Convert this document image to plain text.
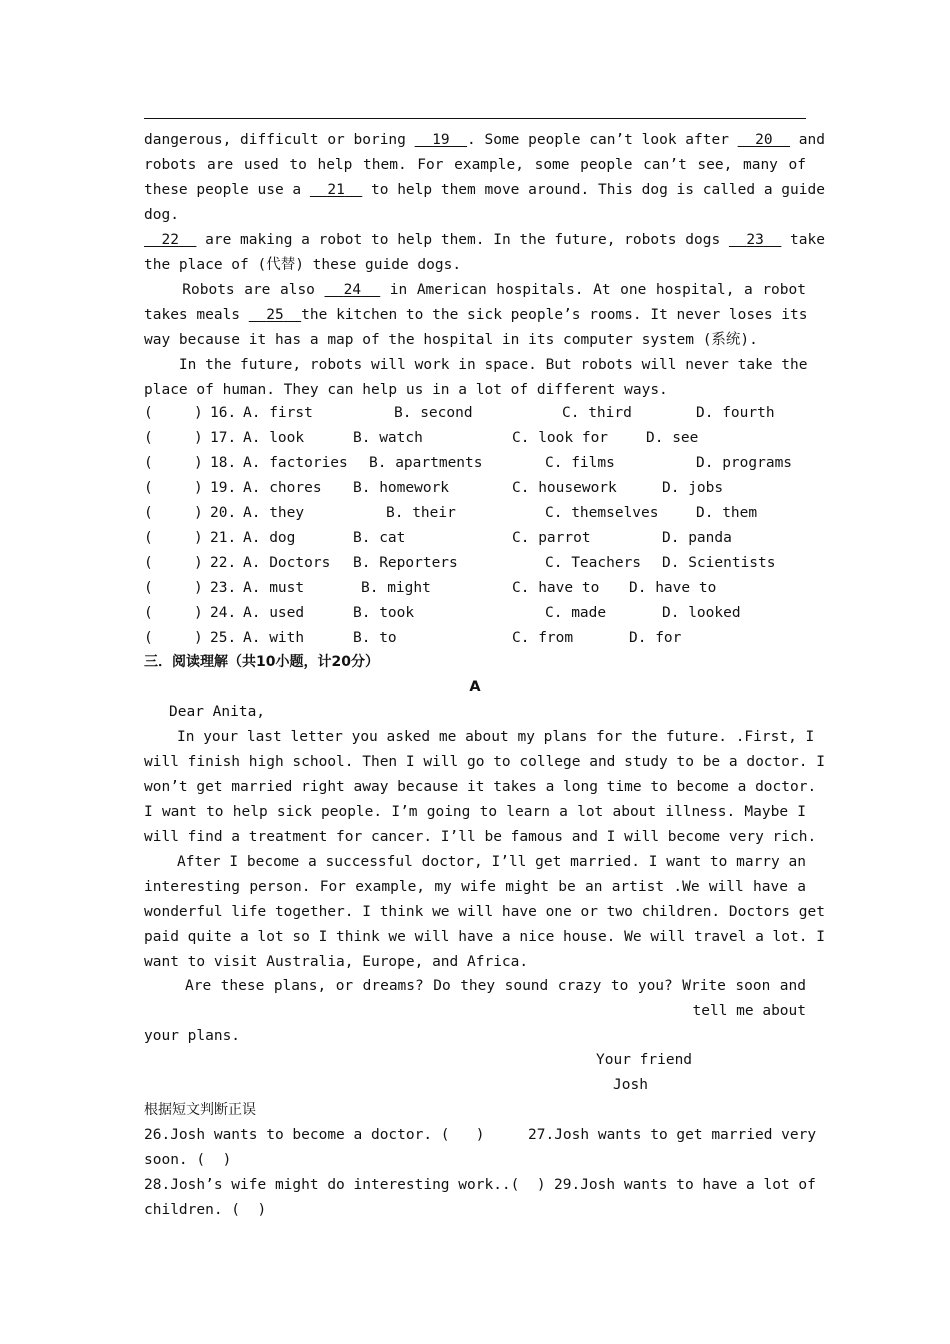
dangerous, difficult or boring   19 . Some people can’t look after   20   and
robots are used to help them. For example, some people can’t see, many of
these people use a   21   to help them move around. This dog is called a guide
dog.
22   are making a robot to help them. In the future, robots dogs   23   take
the place of (代替) these guide dogs.
Robots are also   24   in American hospitals. At one hospital, a robot
takes meals   25 the kitchen to the sick people’s rooms. It never loses its
way because it has a map of the hospital in its computer system (系统).
In the future, robots will work in space. But robots will never take the
place of human. They can help us in a lot of different ways.
(	) 16. A. first	B. second	C. third	D. fourth
(	) 17. A. look	B. watch	C. look for	D. see
(	) 18. A. factories B. apartments	C. films	D. programs
(	) 19. A. chores B. homework	C. housework	D. jobs
(	) 20. A. they	B. their	C. themselves	D. them
(	) 21. A. dog	B. cat	C. parrot	D. panda
(	) 22. A. Doctors B. Reporters	C. Teachers D. Scientists
(	) 23. A. must	B. might	C. have to D. have to
(	) 24. A. used	B. took	C. made	D. looked
(	) 25. A. with	B. to	C. from	D. for
三．阅读理解（共10小题，计20分）
A
Dear Anita,
In your last letter you asked me about my plans for the future. .First, I
will finish high school. Then I will go to college and study to be a doctor. I
won’t get married right away because it takes a long time to become a doctor.
I want to help sick people. I’m going to learn a lot about illness. Maybe I
will find a treatment for cancer. I’ll be famous and I will become very rich.
After I become a successful doctor, I’ll get married. I want to marry an
interesting person. For example, my wife might be an artist .We will have a
wonderful life together. I think we will have one or two children. Doctors get
paid quite a lot so I think we will have a nice house. We will travel a lot. I
want to visit Australia, Europe, and Africa.
Are these plans, or dreams? Do they sound crazy to you? Write soon and
tell me about
your plans.
Your friend
Josh
根据短文判断正误

26.Josh wants to become a doctor. (   )

	27.Josh wants to get married very

soon. (  )

28.Josh’s wife might do interesting work..(  )

29.Josh wants to have a lot of

children. (  )
